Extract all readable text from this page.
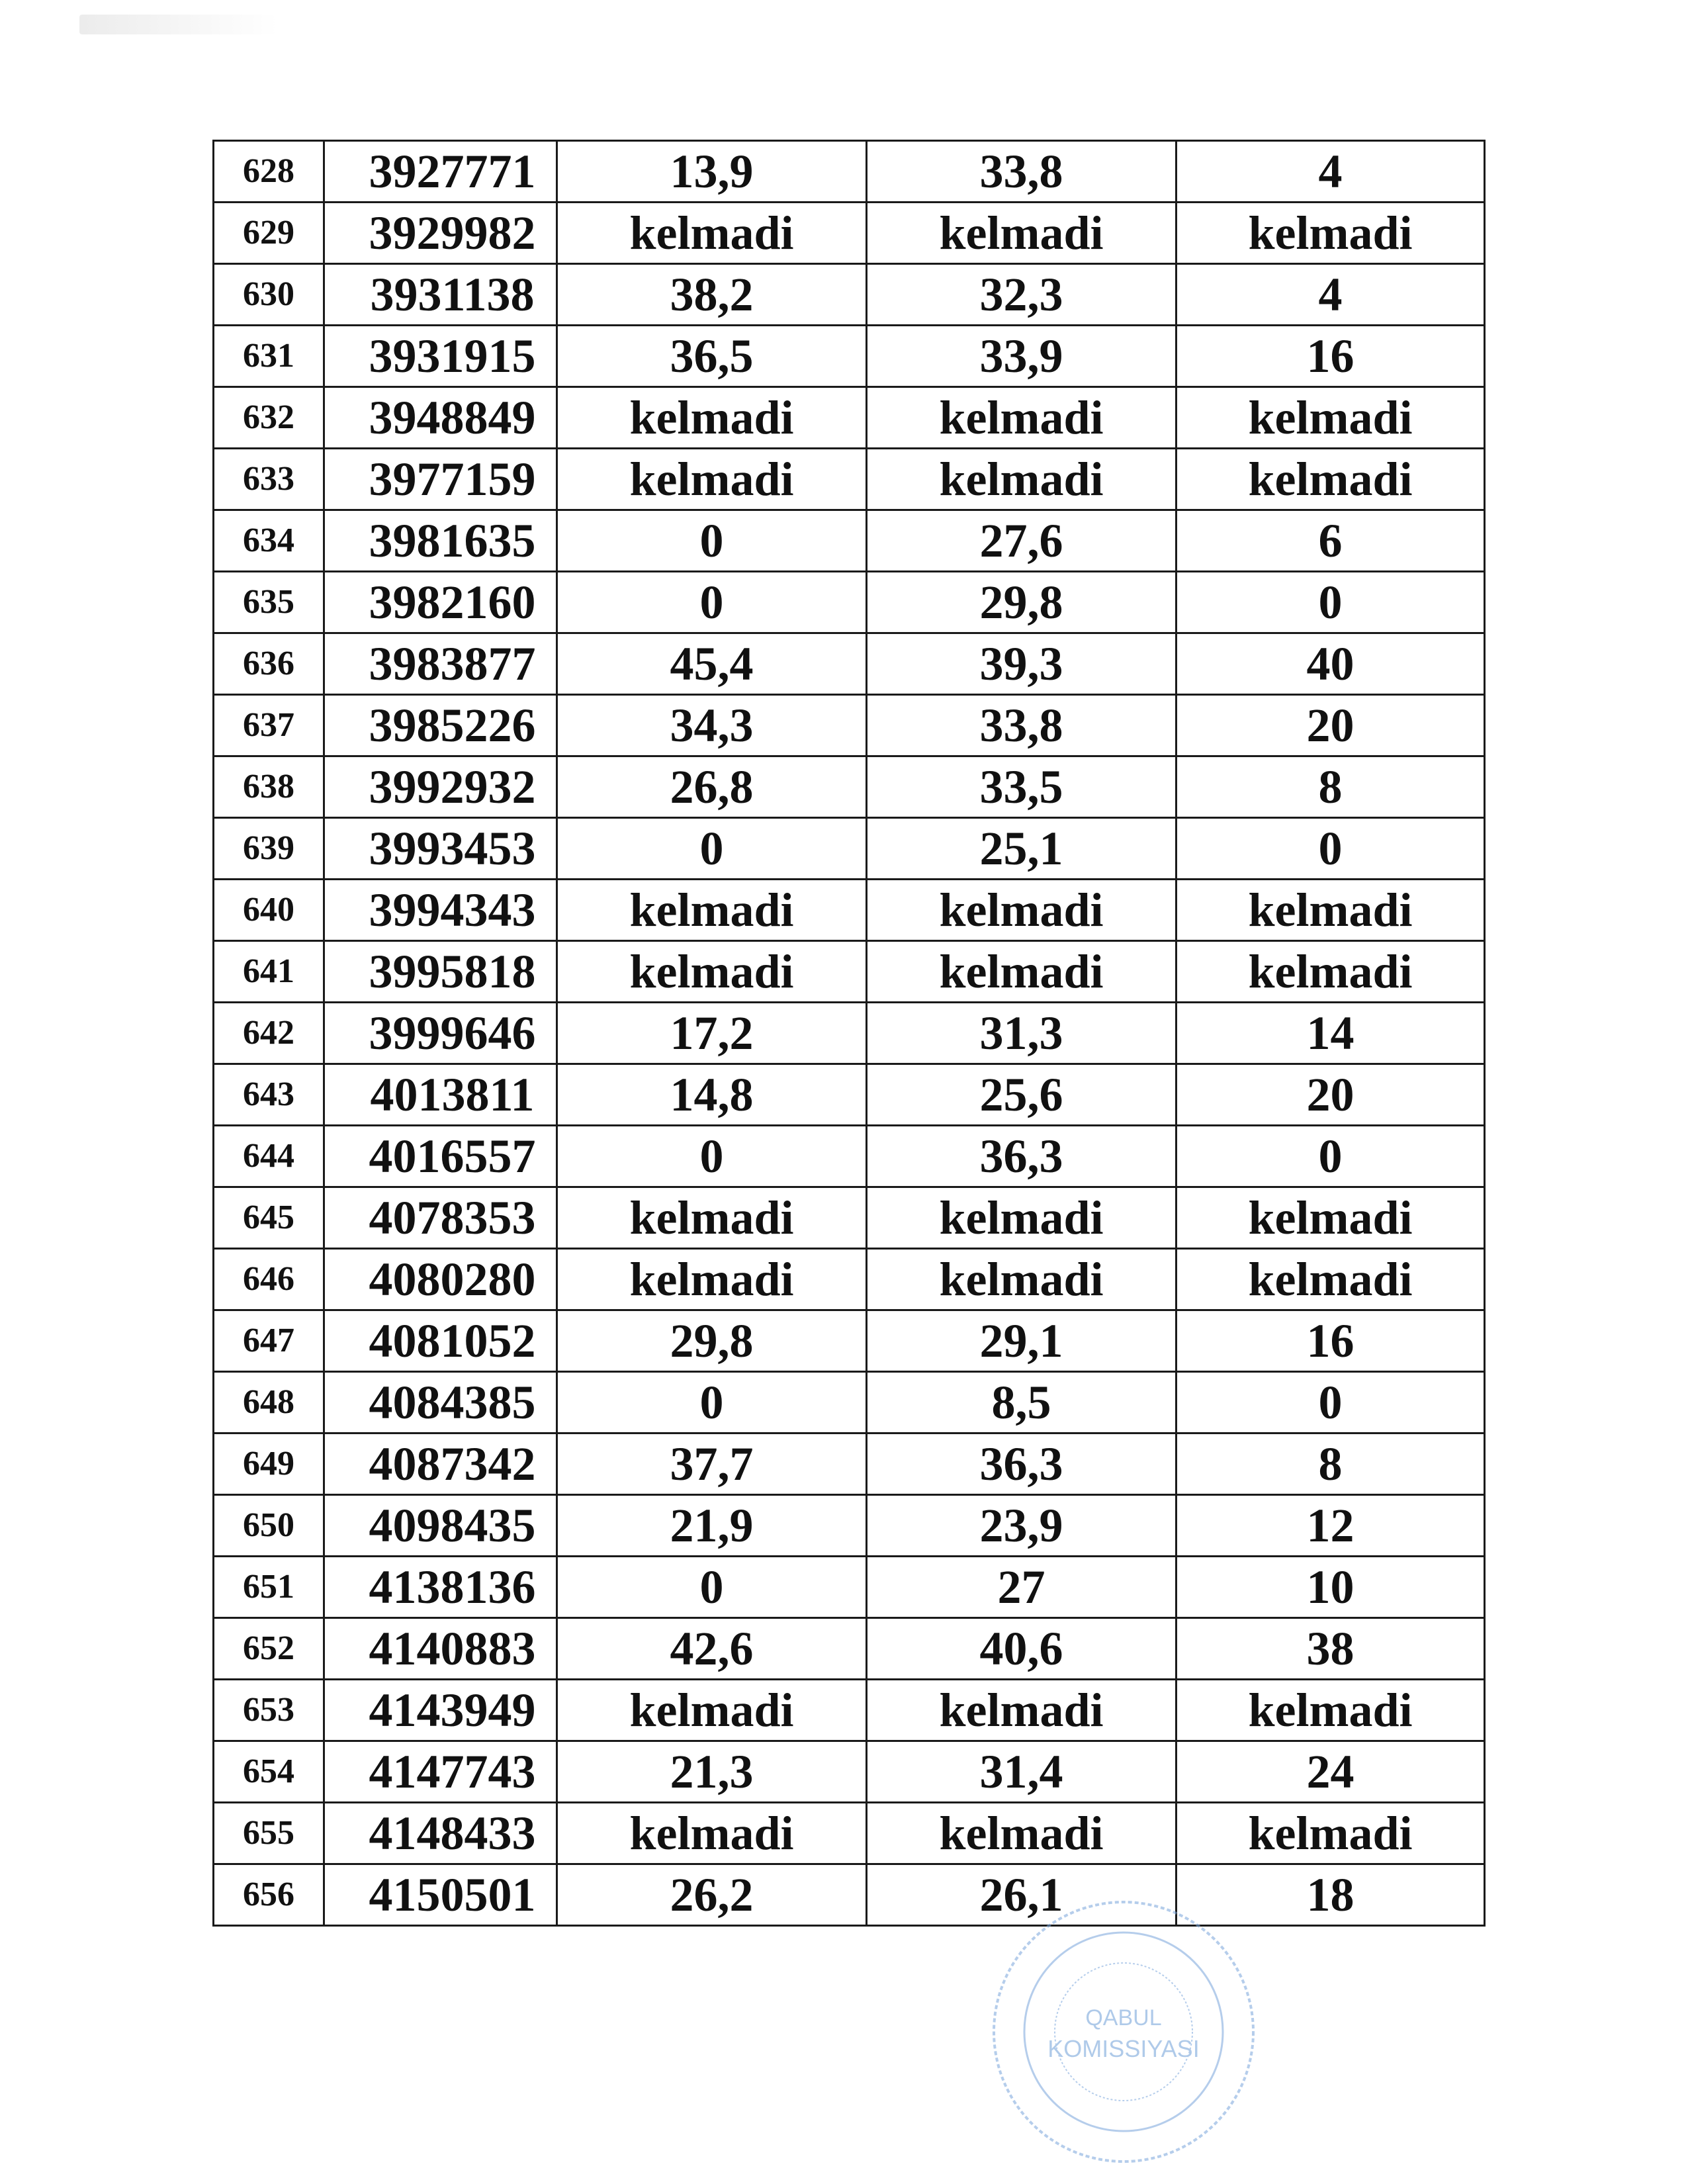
628	3927771	13,9	33,8	4
629	3929982	kelmadi	kelmadi	kelmadi
630	3931138	38,2	32,3	4
631	3931915	36,5	33,9	16
632	3948849	kelmadi	kelmadi	kelmadi
633	3977159	kelmadi	kelmadi	kelmadi
634	3981635	0	27,6	6
635	3982160	0	29,8	0
636	3983877	45,4	39,3	40
637	3985226	34,3	33,8	20
638	3992932	26,8	33,5	8
639	3993453	0	25,1	0
640	3994343	kelmadi	kelmadi	kelmadi
641	3995818	kelmadi	kelmadi	kelmadi
642	3999646	17,2	31,3	14
643	4013811	14,8	25,6	20
644	4016557	0	36,3	0
645	4078353	kelmadi	kelmadi	kelmadi
646	4080280	kelmadi	kelmadi	kelmadi
647	4081052	29,8	29,1	16
648	4084385	0	8,5	0
649	4087342	37,7	36,3	8
650	4098435	21,9	23,9	12
651	4138136	0	27	10
652	4140883	42,6	40,6	38
653	4143949	kelmadi	kelmadi	kelmadi
654	4147743	21,3	31,4	24
655	4148433	kelmadi	kelmadi	kelmadi
656	4150501	26,2	26,1	18
QABUL
KOMISSIYASI
